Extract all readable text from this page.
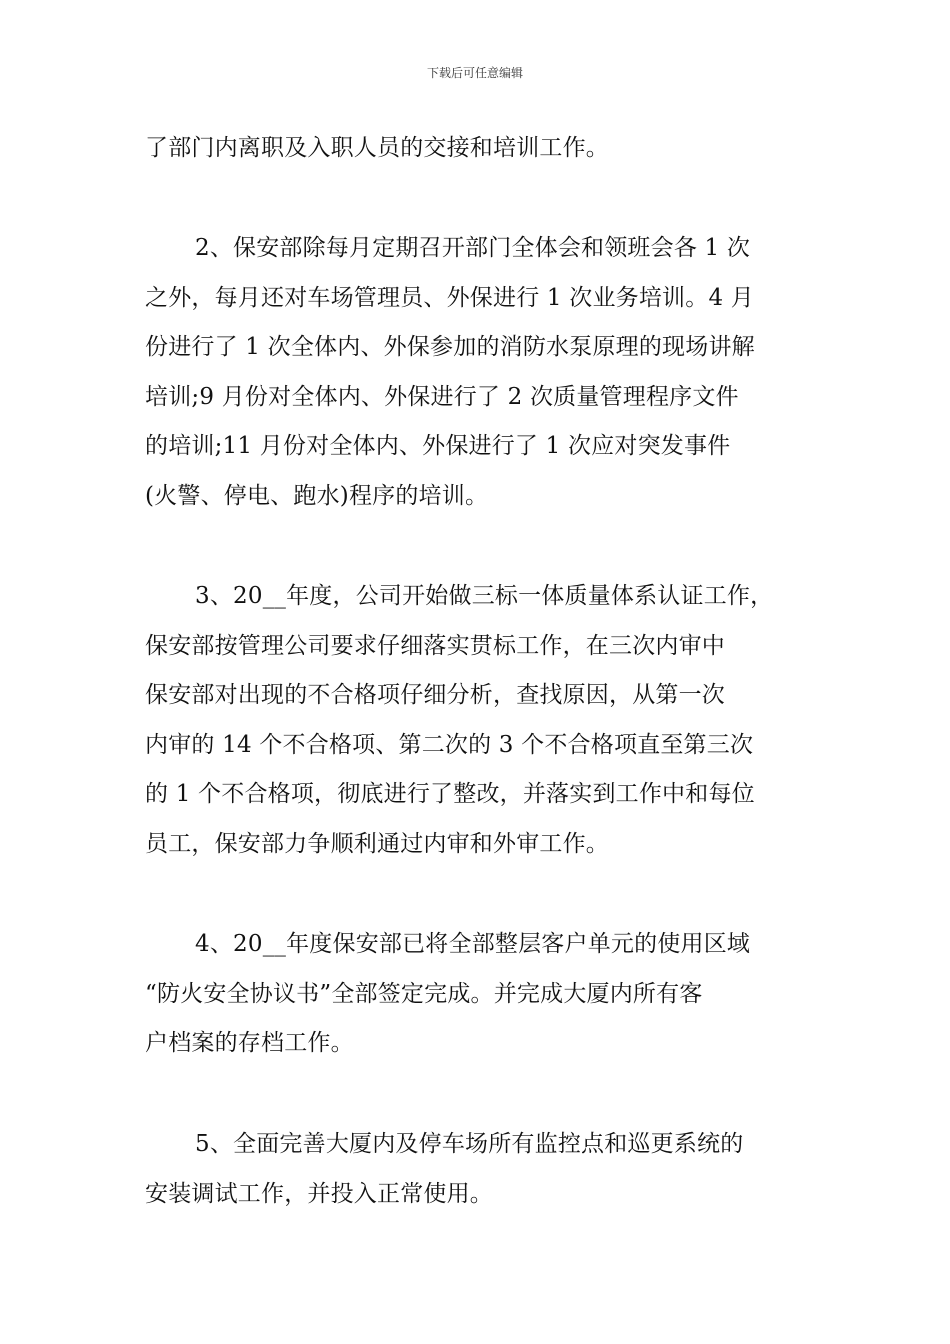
下载后可任意编辑
了部门内离职及入职人员的交接和培训工作。
2、保安部除每月定期召开部门全体会和领班会各 1 次
之外，每月还对车场管理员、外保进行 1 次业务培训。4 月
份进行了 1 次全体内、外保参加的消防水泵原理的现场讲解
培训;9 月份对全体内、外保进行了 2 次质量管理程序文件
的培训;11 月份对全体内、外保进行了 1 次应对突发事件
(火警、停电、跑水)程序的培训。
3、20__年度，公司开始做三标一体质量体系认证工作，
保安部按管理公司要求仔细落实贯标工作，在三次内审中
保安部对出现的不合格项仔细分析，查找原因，从第一次
内审的 14 个不合格项、第二次的 3 个不合格项直至第三次
的 1 个不合格项，彻底进行了整改，并落实到工作中和每位
员工，保安部力争顺利通过内审和外审工作。
4、20__年度保安部已将全部整层客户单元的使用区域
“防火安全协议书”全部签定完成。并完成大厦内所有客
户档案的存档工作。
5、全面完善大厦内及停车场所有监控点和巡更系统的
安装调试工作，并投入正常使用。
